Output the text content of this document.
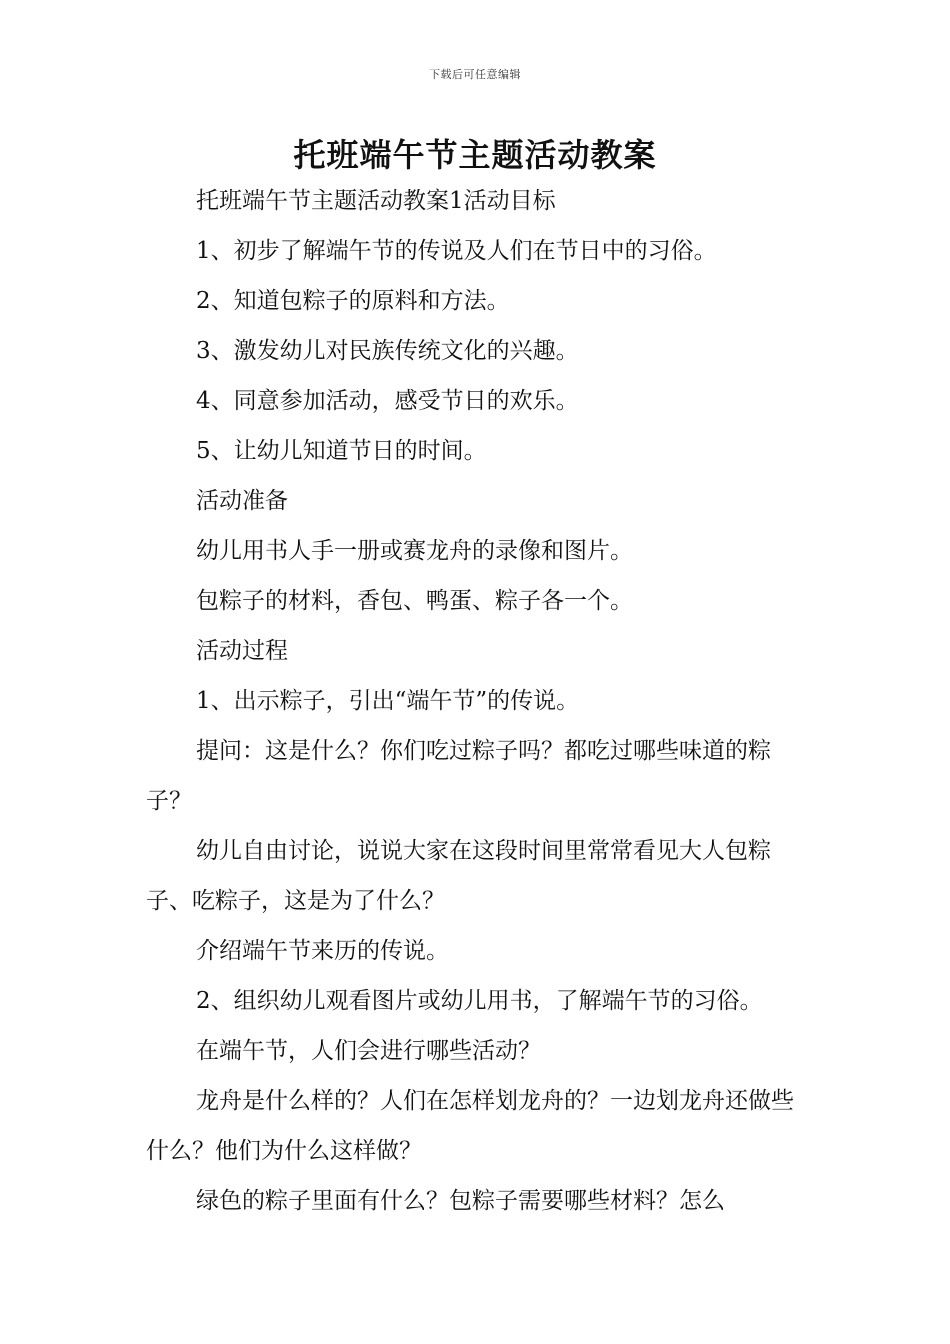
下载后可任意编辑
托班端午节主题活动教案

托班端午节主题活动教案1活动目标

1、初步了解端午节的传说及人们在节日中的习俗。

2、知道包粽子的原料和方法。

3、激发幼儿对民族传统文化的兴趣。

4、同意参加活动，感受节日的欢乐。

5、让幼儿知道节日的时间。

活动准备

幼儿用书人手一册或赛龙舟的录像和图片。

包粽子的材料，香包、鸭蛋、粽子各一个。

活动过程

1、出示粽子，引出“端午节”的传说。

提问：这是什么？你们吃过粽子吗？都吃过哪些味道的粽子？

幼儿自由讨论，说说大家在这段时间里常常看见大人包粽子、吃粽子，这是为了什么？

介绍端午节来历的传说。

2、组织幼儿观看图片或幼儿用书，了解端午节的习俗。

在端午节，人们会进行哪些活动？

龙舟是什么样的？人们在怎样划龙舟的？一边划龙舟还做些什么？他们为什么这样做？

绿色的粽子里面有什么？包粽子需要哪些材料？怎么
